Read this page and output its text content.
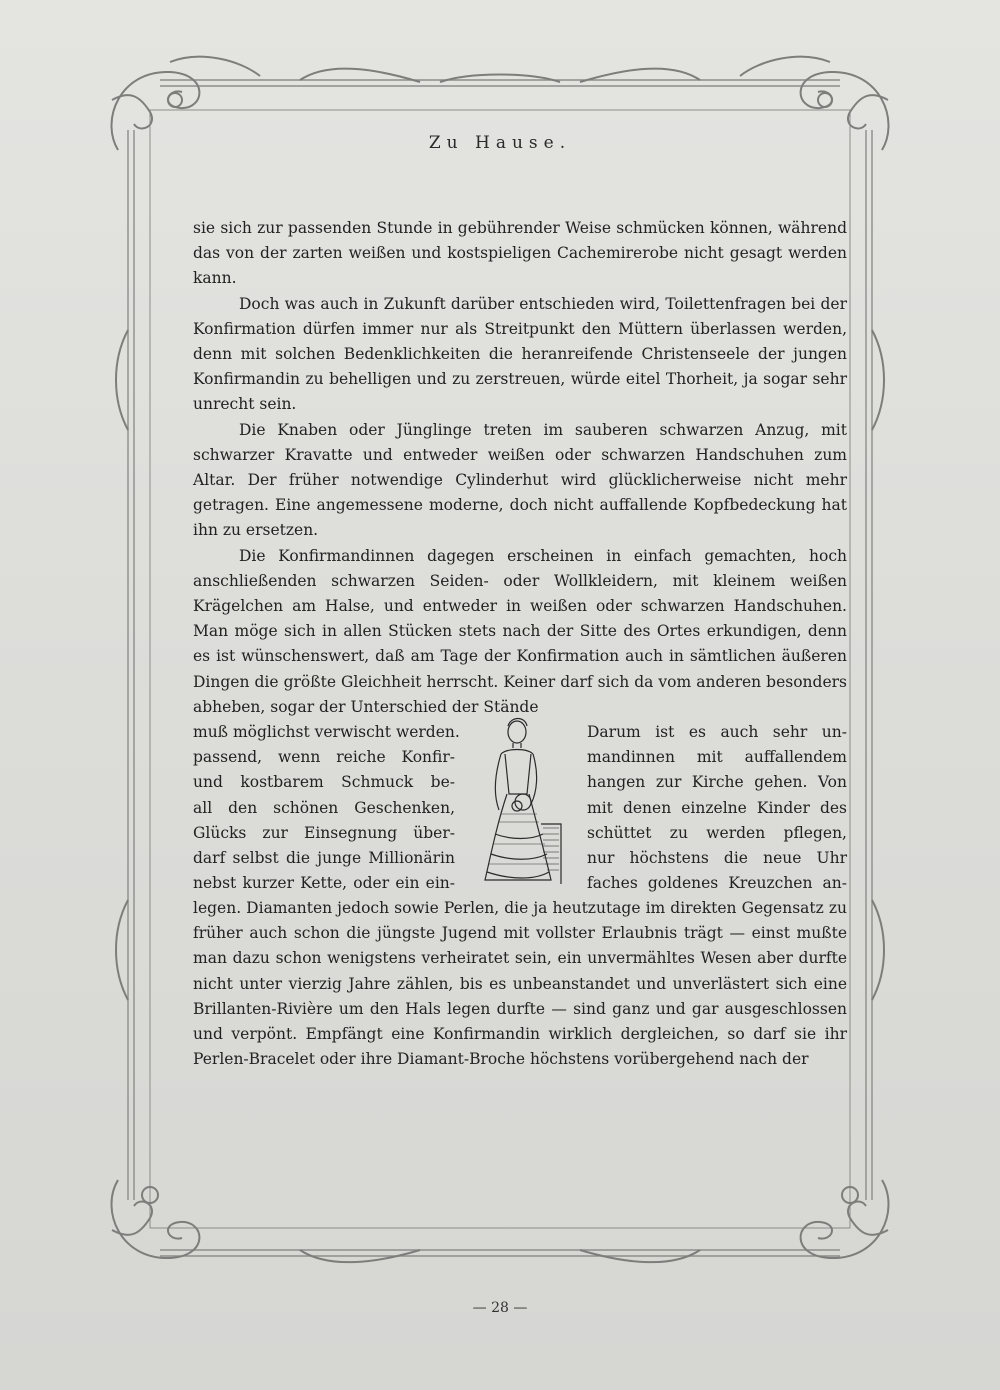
Zu Hause.

sie sich zur passenden Stunde in gebührender Weise schmücken können, während das von der zarten weißen und kostspieligen Cachemirerobe nicht gesagt werden kann.

Doch was auch in Zukunft darüber entschieden wird, Toilettenfragen bei der Konfirmation dürfen immer nur als Streitpunkt den Müttern überlassen werden, denn mit solchen Bedenklichkeiten die heranreifende Christenseele der jungen Konfirmandin zu behelligen und zu zerstreuen, würde eitel Thorheit, ja sogar sehr unrecht sein.

Die Knaben oder Jünglinge treten im sauberen schwarzen Anzug, mit schwarzer Kravatte und entweder weißen oder schwarzen Handschuhen zum Altar. Der früher notwendige Cylinderhut wird glücklicherweise nicht mehr getragen. Eine angemessene moderne, doch nicht auffallende Kopfbedeckung hat ihn zu ersetzen.

Die Konfirmandinnen dagegen erscheinen in einfach gemachten, hoch anschließenden schwarzen Seiden- oder Wollkleidern, mit kleinem weißen Krägelchen am Halse, und entweder in weißen oder schwarzen Handschuhen. Man möge sich in allen Stücken stets nach der Sitte des Ortes erkundigen, denn es ist wünschenswert, daß am Tage der Konfirmation auch in sämtlichen äußeren Dingen die größte Gleichheit herrscht. Keiner darf sich da vom anderen besonders abheben, sogar der Unterschied der Stände

muß möglichst verwischt werden.
passend, wenn reiche Konfir-
und kostbarem Schmuck be-
all den schönen Geschenken,
Glücks zur Einsegnung über-
darf selbst die junge Millionärin
nebst kurzer Kette, oder ein ein-
Darum ist es auch sehr un-
mandinnen mit auffallendem
hangen zur Kirche gehen. Von
mit denen einzelne Kinder des
schüttet zu werden pflegen,
nur höchstens die neue Uhr
faches goldenes Kreuzchen an-

legen. Diamanten jedoch sowie Perlen, die ja heutzutage im direkten Gegensatz zu früher auch schon die jüngste Jugend mit vollster Erlaubnis trägt — einst mußte man dazu schon wenigstens verheiratet sein, ein unvermähltes Wesen aber durfte nicht unter vierzig Jahre zählen, bis es unbeanstandet und unverlästert sich eine Brillanten-Rivière um den Hals legen durfte — sind ganz und gar ausgeschlossen und verpönt. Empfängt eine Konfirmandin wirklich dergleichen, so darf sie ihr Perlen-Bracelet oder ihre Diamant-Broche höchstens vorübergehend nach der

— 28 —
